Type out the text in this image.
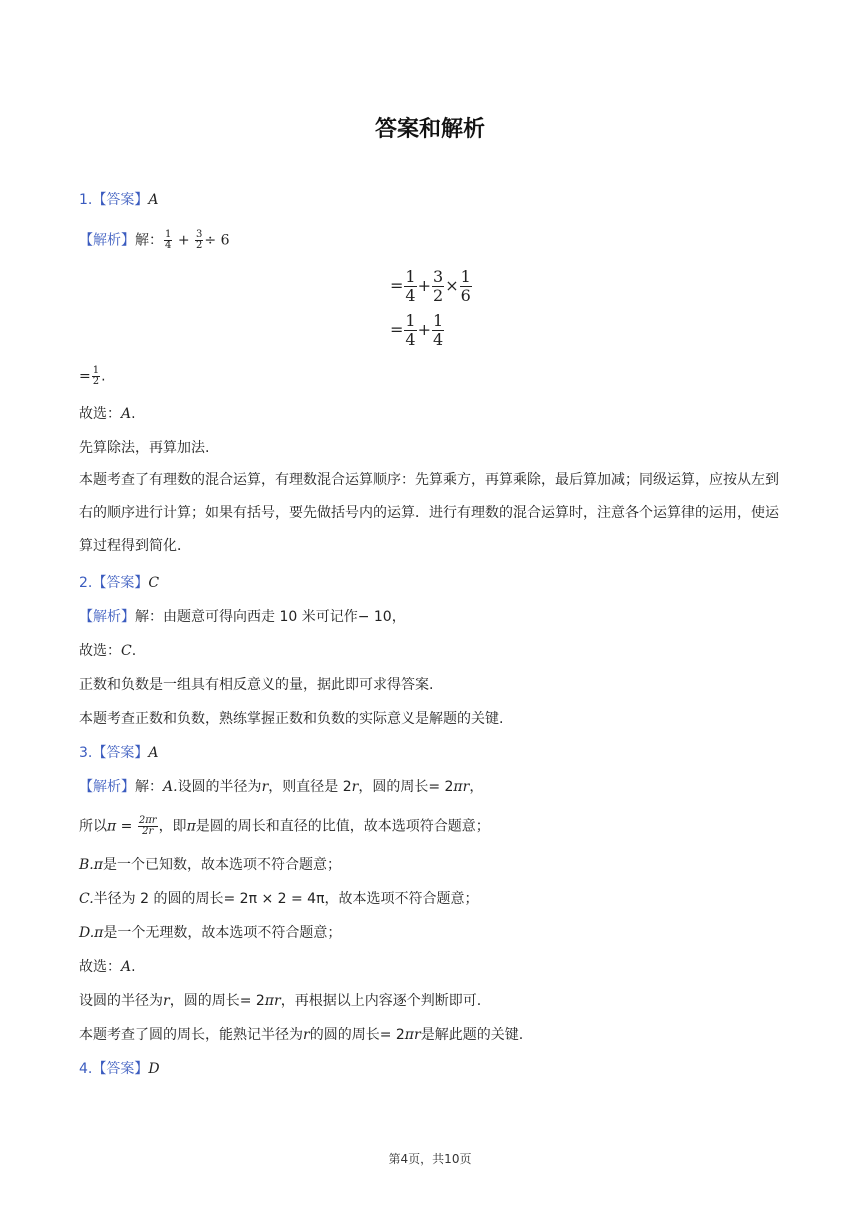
答案和解析
1.【答案】A
【解析】解： $\frac{1}{4} + \frac{3}{2} \div 6$
= $\frac{1}{4} + \frac{3}{2} \times \frac{1}{6}$
= $\frac{1}{4} + \frac{1}{4}$
= $\frac{1}{2}$ .
故选：A.
先算除法，再算加法.
本题考查了有理数的混合运算，有理数混合运算顺序：先算乘方，再算乘除，最后算加减；同级运算，应按从左到右的顺序进行计算；如果有括号，要先做括号内的运算．进行有理数的混合运算时，注意各个运算律的运用，使运算过程得到简化．
2.【答案】C
【解析】解：由题意可得向西走 10 米可记作− 10，
故选：C.
正数和负数是一组具有相反意义的量，据此即可求得答案.
本题考查正数和负数，熟练掌握正数和负数的实际意义是解题的关键.
3.【答案】A
【解析】解：A.设圆的半径为r，则直径是 2r，圆的周长= 2πr，
所以$\pi = \frac{2\pi r}{2r}$ ，即π是圆的周长和直径的比值，故本选项符合题意；
B.π是一个已知数，故本选项不符合题意；
C.半径为 2 的圆的周长= 2π × 2 = 4π，故本选项不符合题意；
D.π是一个无理数，故本选项不符合题意；
故选：A.
设圆的半径为r，圆的周长= 2πr，再根据以上内容逐个判断即可.
本题考查了圆的周长，能熟记半径为r的圆的周长= 2πr是解此题的关键.
4.【答案】D
第4页，共10页
